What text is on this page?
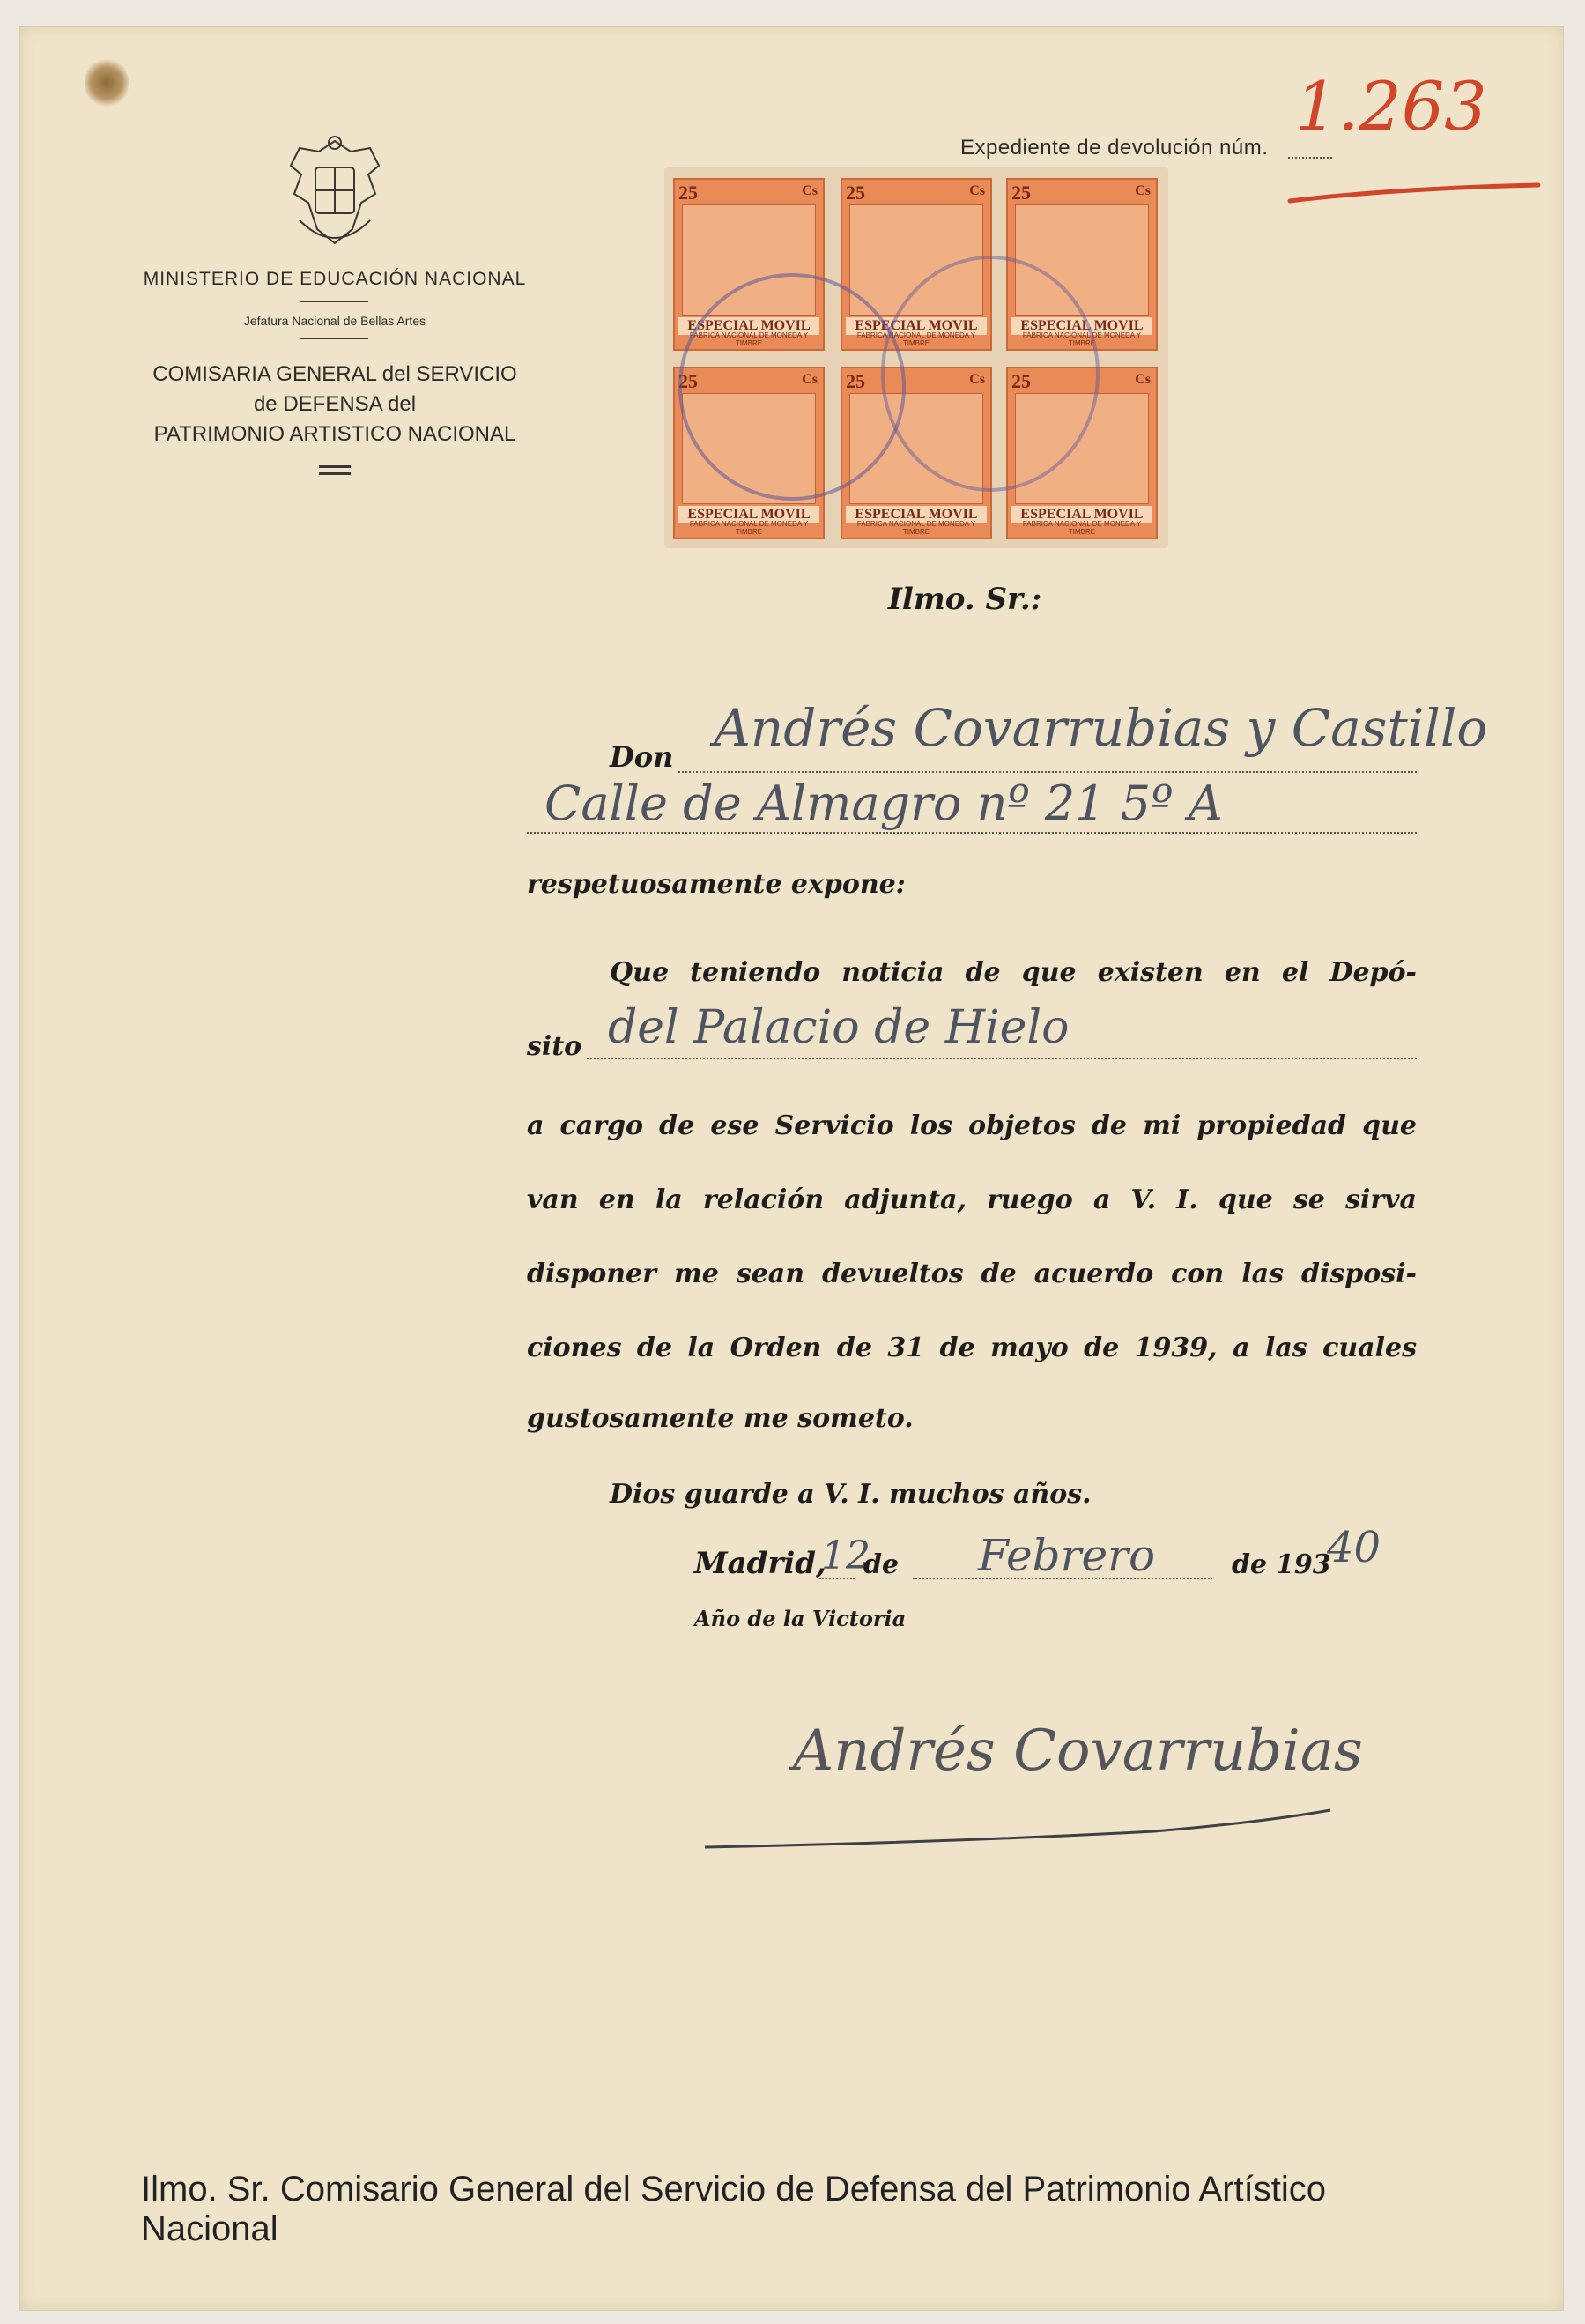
MINISTERIO DE EDUCACIÓN NACIONAL
Jefatura Nacional de Bellas Artes
COMISARIA GENERAL del SERVICIO
de DEFENSA del
PATRIMONIO ARTISTICO NACIONAL
Expediente de devolución núm.
1.263
25	Cs
ESPECIAL MOVIL
FABRICA NACIONAL DE MONEDA Y TIMBRE
25	Cs
ESPECIAL MOVIL
FABRICA NACIONAL DE MONEDA Y TIMBRE
25	Cs
ESPECIAL MOVIL
FABRICA NACIONAL DE MONEDA Y TIMBRE
25	Cs
ESPECIAL MOVIL
FABRICA NACIONAL DE MONEDA Y TIMBRE
25	Cs
ESPECIAL MOVIL
FABRICA NACIONAL DE MONEDA Y TIMBRE
25	Cs
ESPECIAL MOVIL
FABRICA NACIONAL DE MONEDA Y TIMBRE
Ilmo. Sr.:
Don Andrés Covarrubias y Castillo
Calle de Almagro nº 21 5º A
respetuosamente expone:
Que teniendo noticia de que existen en el Depó-
sito del Palacio de Hielo
a cargo de ese Servicio los objetos de mi propiedad que
van en la relación adjunta, ruego a V. I. que se sirva
disponer me sean devueltos de acuerdo con las disposi-
ciones de la Orden de 31 de mayo de 1939, a las cuales
gustosamente me someto.
Dios guarde a V. I. muchos años.
Madrid,
12
de Febrero	de 193
40
Año de la Victoria
Andrés Covarrubias
Ilmo. Sr. Comisario General del Servicio de Defensa del Patrimonio Artístico Nacional
